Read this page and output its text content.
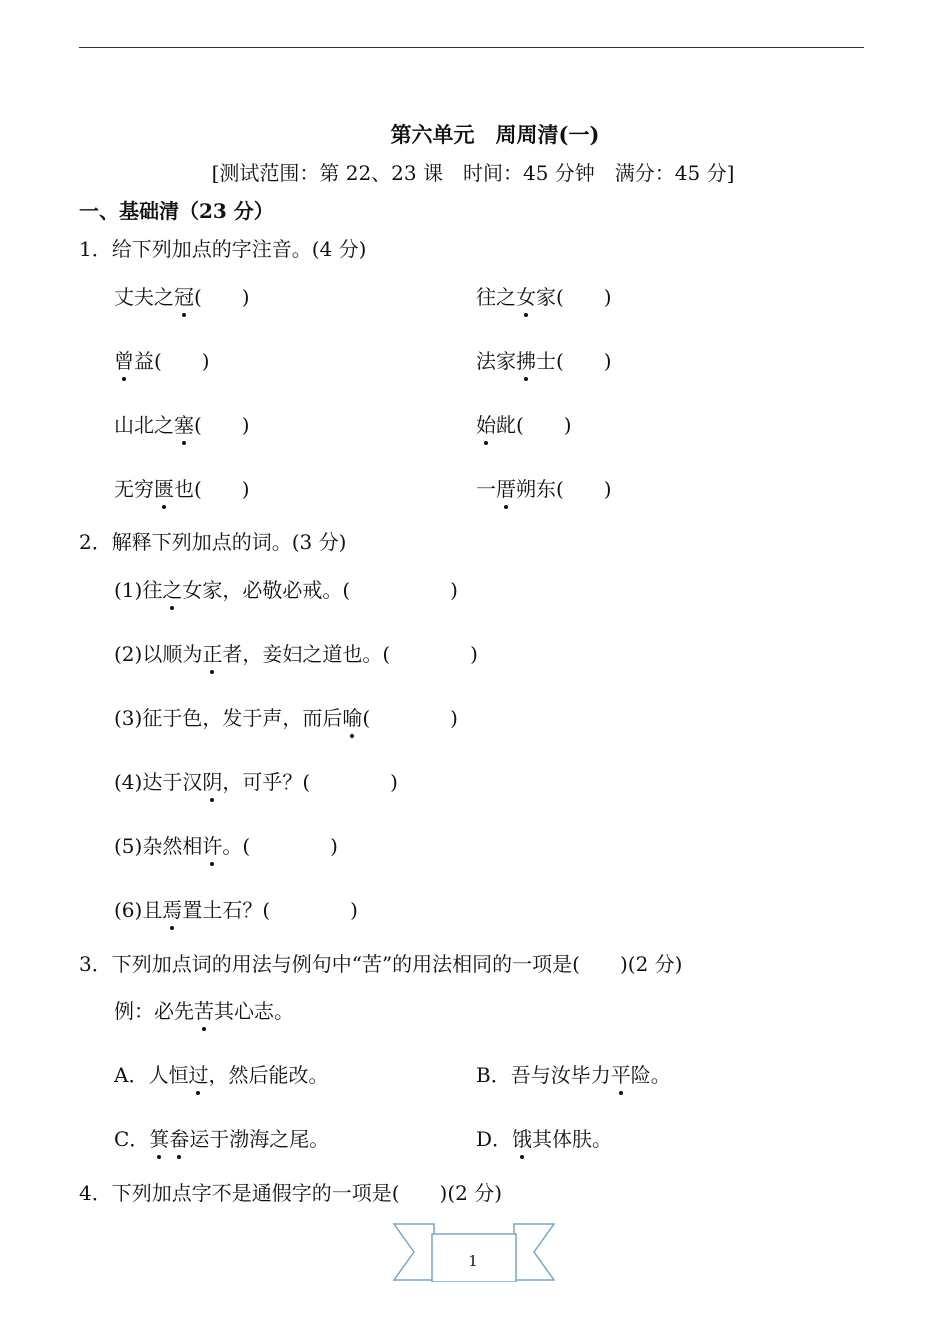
第六单元　周周清(一)
[测试范围：第 22、23 课　时间：45 分钟　满分：45 分]
一、基础清（23 分）
1．给下列加点的字注音。(4 分)
丈夫之冠(　　)	往之女家(　　)
曾益(　　)	法家拂士(　　)
山北之塞(　　)	始龀(　　)
无穷匮也(　　)	一厝朔东(　　)
2．解释下列加点的词。(3 分)
(1)往之女家，必敬必戒。(　　　　　)
(2)以顺为正者，妾妇之道也。(　　　　)
(3)征于色，发于声，而后喻(　　　　)
(4)达于汉阴，可乎？(　　　　)
(5)杂然相许。(　　　　)
(6)且焉置土石？(　　　　)
3．下列加点词的用法与例句中“苦”的用法相同的一项是(　　)(2 分)
例：必先苦其心志。
A．人恒过，然后能改。	B．吾与汝毕力平险。
C．箕畚运于渤海之尾。	D．饿其体肤。
4．下列加点字不是通假字的一项是(　　)(2 分)
1
